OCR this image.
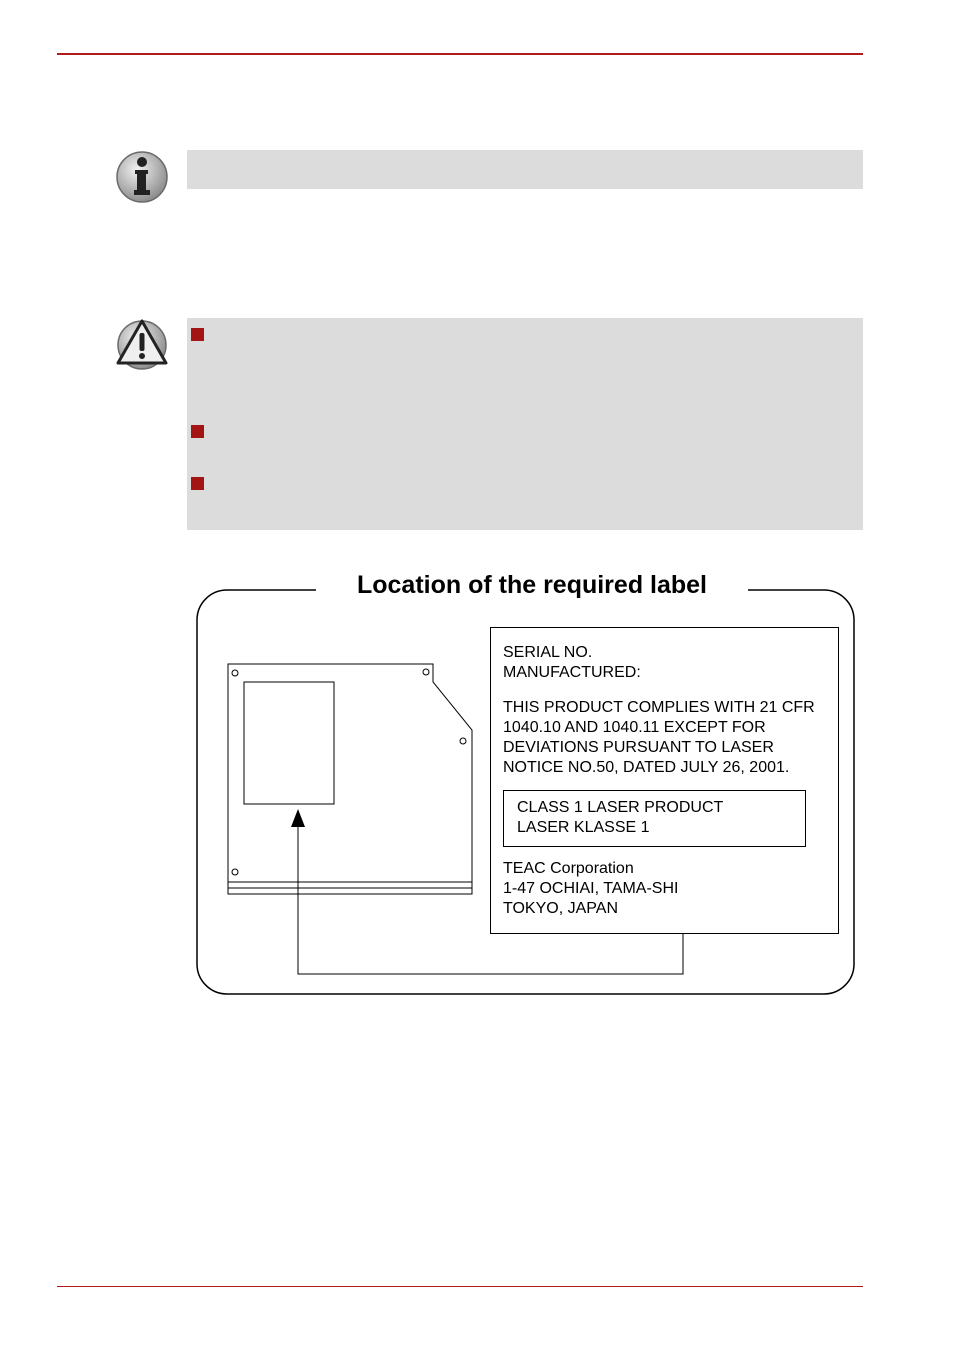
Location of the required label
SERIAL NO.
MANUFACTURED:
THIS PRODUCT COMPLIES WITH 21 CFR
1040.10 AND 1040.11 EXCEPT FOR
DEVIATIONS PURSUANT TO LASER
NOTICE NO.50, DATED JULY 26, 2001.
CLASS 1 LASER PRODUCT
LASER KLASSE 1
TEAC Corporation
1-47 OCHIAI, TAMA-SHI
TOKYO, JAPAN
